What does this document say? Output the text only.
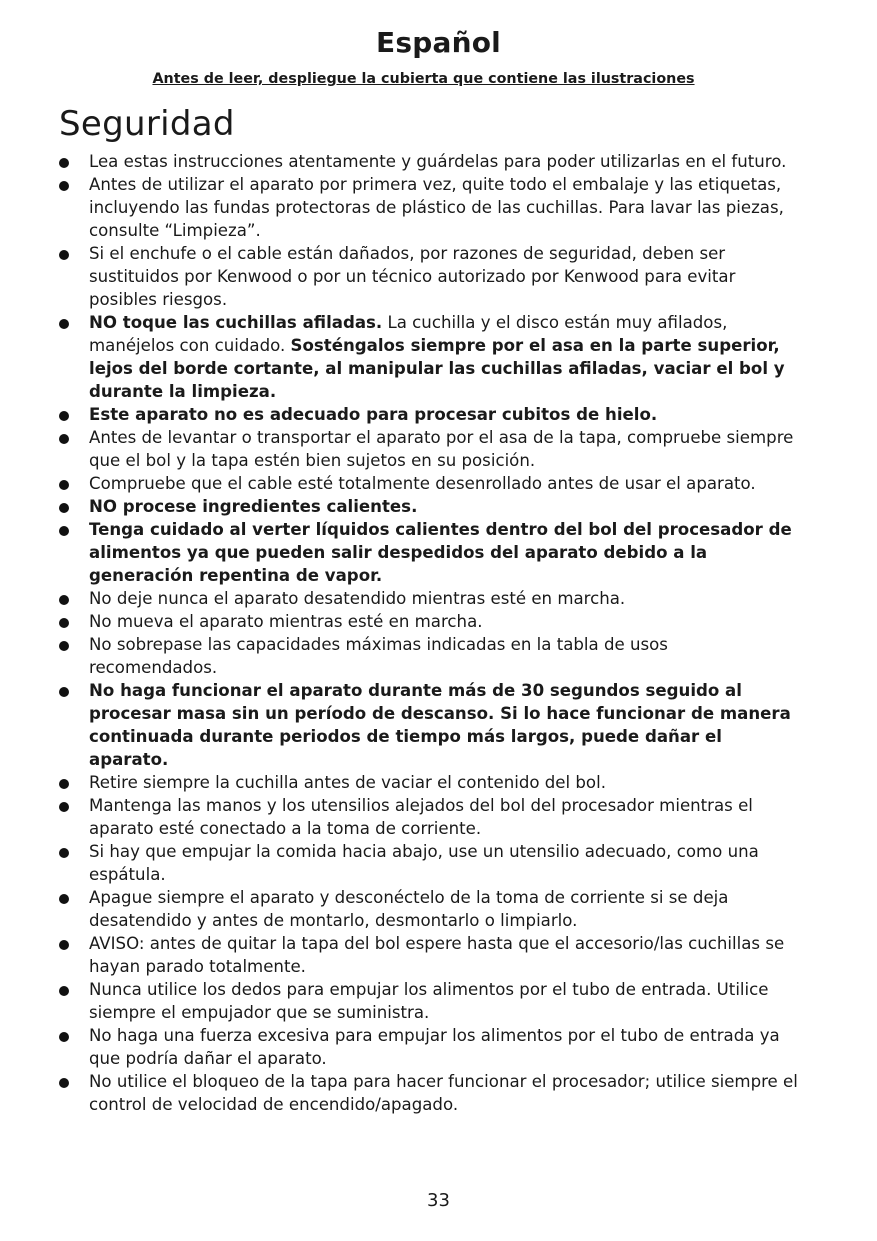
Español
Antes de leer, despliegue la cubierta que contiene las ilustraciones
Seguridad
Lea estas instrucciones atentamente y guárdelas para poder utilizarlas en el futuro.
Antes de utilizar el aparato por primera vez, quite todo el embalaje y las etiquetas, incluyendo las fundas protectoras de plástico de las cuchillas. Para lavar las piezas, consulte “Limpieza”.
Si el enchufe o el cable están dañados, por razones de seguridad, deben ser sustituidos por Kenwood o por un técnico autorizado por Kenwood para evitar posibles riesgos.
NO toque las cuchillas afiladas. La cuchilla y el disco están muy afilados, manéjelos con cuidado. Sosténgalos siempre por el asa en la parte superior, lejos del borde cortante, al manipular las cuchillas afiladas, vaciar el bol y durante la limpieza.
Este aparato no es adecuado para procesar cubitos de hielo.
Antes de levantar o transportar el aparato por el asa de la tapa, compruebe siempre que el bol y la tapa estén bien sujetos en su posición.
Compruebe que el cable esté totalmente desenrollado antes de usar el aparato.
NO procese ingredientes calientes.
Tenga cuidado al verter líquidos calientes dentro del bol del procesador de alimentos ya que pueden salir despedidos del aparato debido a la generación repentina de vapor.
No deje nunca el aparato desatendido mientras esté en marcha.
No mueva el aparato mientras esté en marcha.
No sobrepase las capacidades máximas indicadas en la tabla de usos recomendados.
No haga funcionar el aparato durante más de 30 segundos seguido al procesar masa sin un período de descanso. Si lo hace funcionar de manera continuada durante periodos de tiempo más largos, puede dañar el aparato.
Retire siempre la cuchilla antes de vaciar el contenido del bol.
Mantenga las manos y los utensilios alejados del bol del procesador mientras el aparato esté conectado a la toma de corriente.
Si hay que empujar la comida hacia abajo, use un utensilio adecuado, como una espátula.
Apague siempre el aparato y desconéctelo de la toma de corriente si se deja desatendido y antes de montarlo, desmontarlo o limpiarlo.
AVISO: antes de quitar la tapa del bol espere hasta que el accesorio/las cuchillas se hayan parado totalmente.
Nunca utilice los dedos para empujar los alimentos por el tubo de entrada. Utilice siempre el empujador que se suministra.
No haga una fuerza excesiva para empujar los alimentos por el tubo de entrada ya que podría dañar el aparato.
No utilice el bloqueo de la tapa para hacer funcionar el procesador; utilice siempre el control de velocidad de encendido/apagado.
33
